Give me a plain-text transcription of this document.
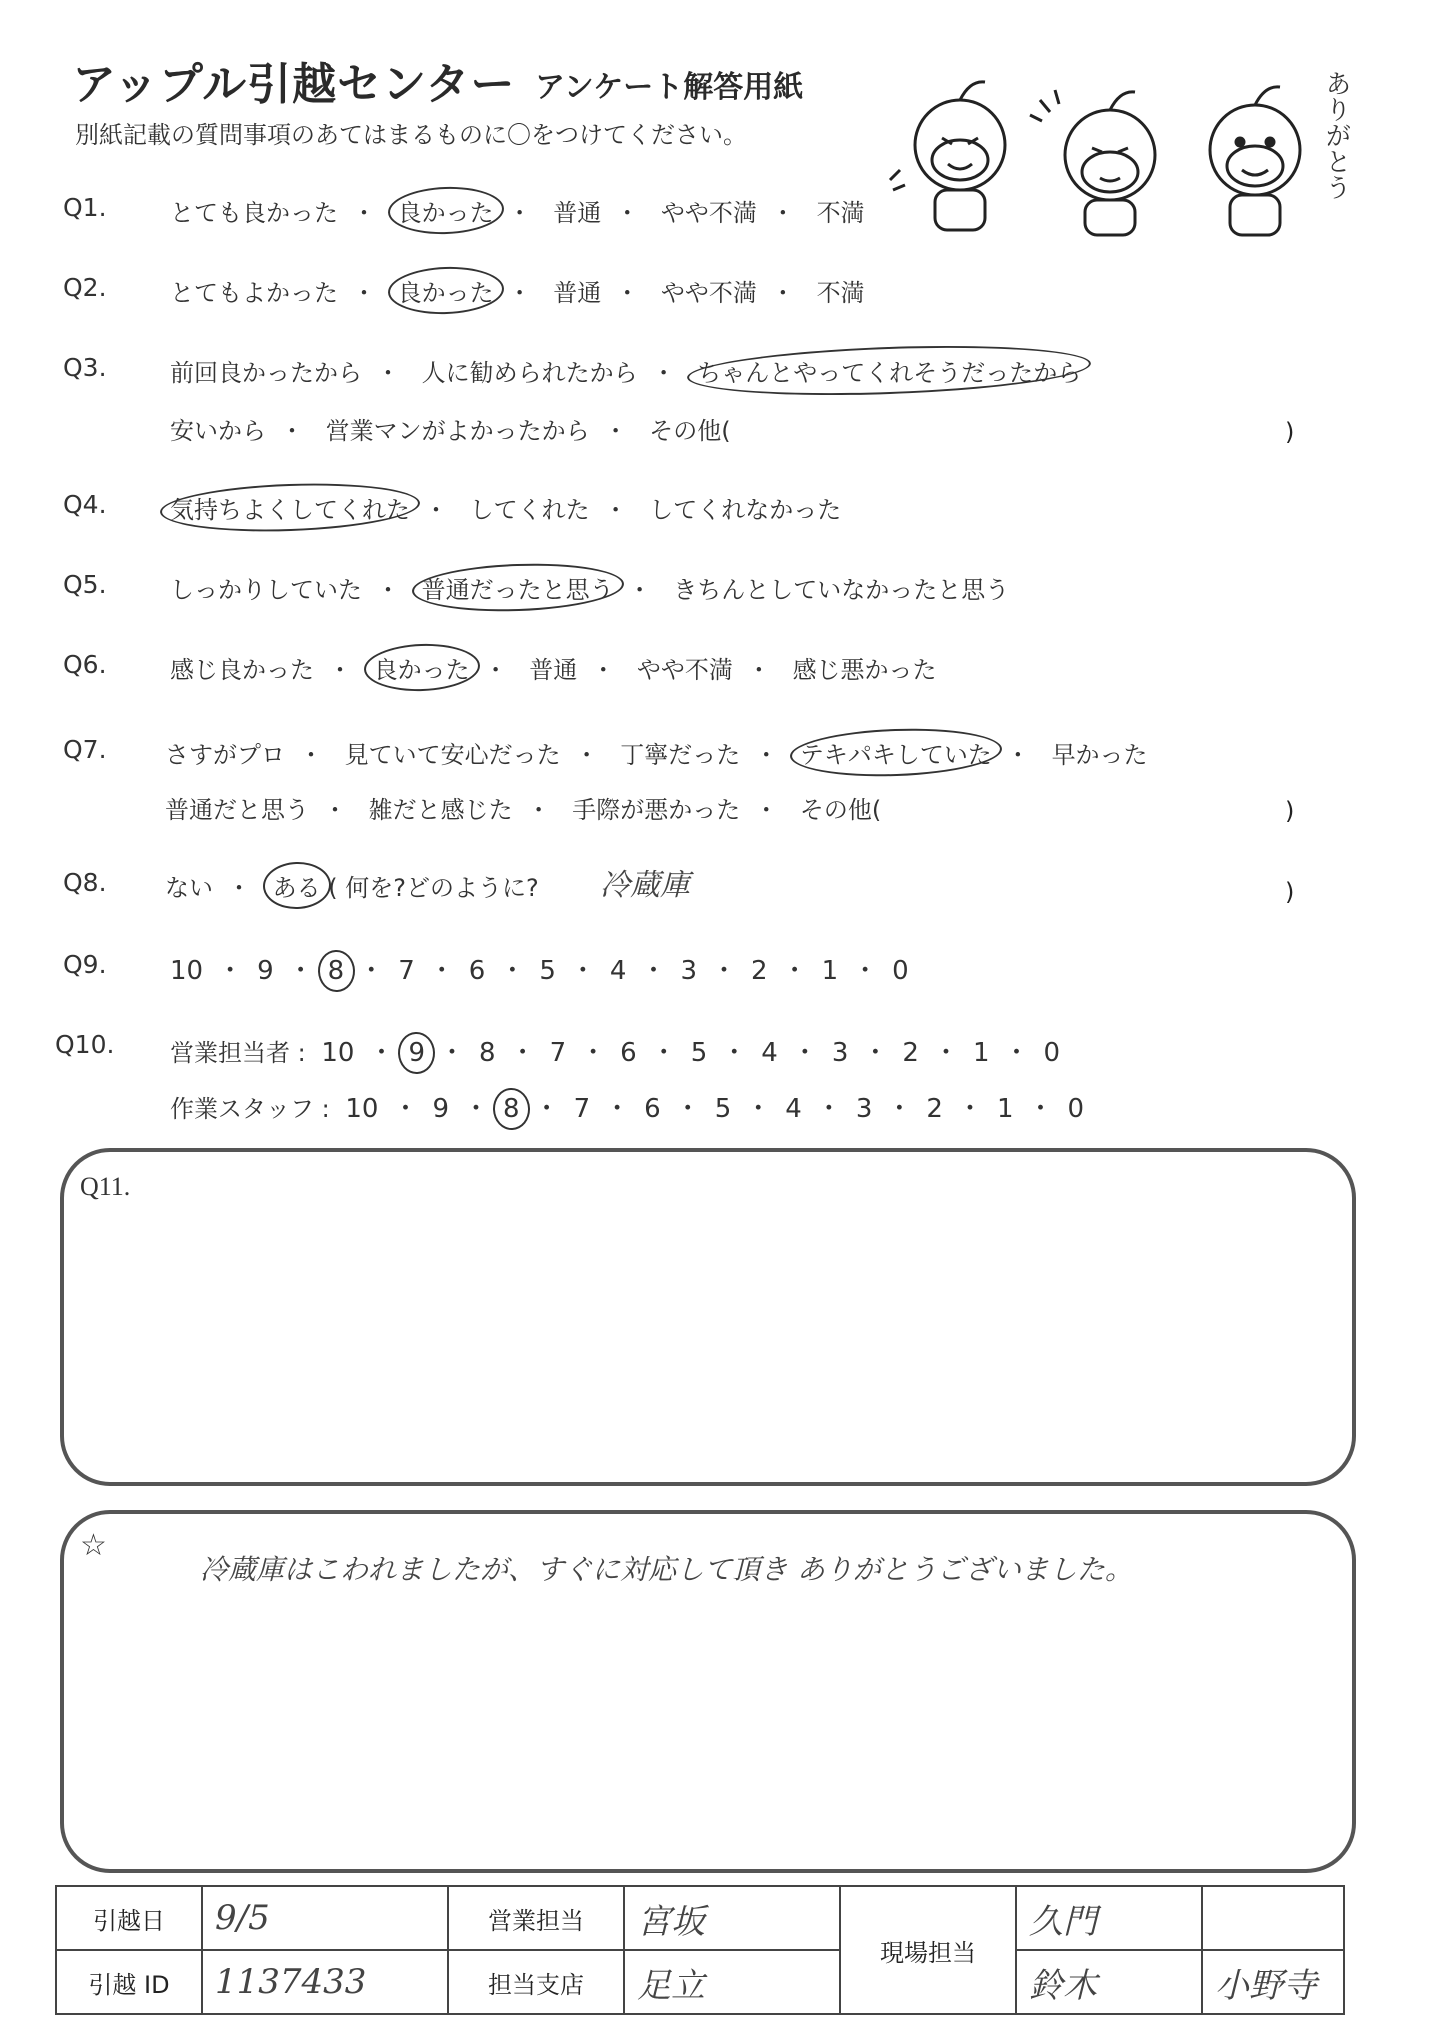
アップル引越センター アンケート解答用紙
別紙記載の質問事項のあてはまるものに〇をつけてください。	ありがとう
Q1.	とても良かった ・ 良かった ・ 普通 ・ やや不満 ・ 不満
Q2.	とてもよかった ・ 良かった ・ 普通 ・ やや不満 ・ 不満
Q3.	前回良かったから ・ 人に勧められたから ・ ちゃんとやってくれそうだったから
安いから ・ 営業マンがよかったから ・ その他(	)
Q4.	気持ちよくしてくれた ・ してくれた ・ してくれなかった
Q5.	しっかりしていた ・ 普通だったと思う ・ きちんとしていなかったと思う
Q6.	感じ良かった ・ 良かった ・ 普通 ・ やや不満 ・ 感じ悪かった
Q7. さすがプロ ・ 見ていて安心だった ・ 丁寧だった ・ テキパキしていた ・ 早かった
普通だと思う ・ 雑だと感じた ・ 手際が悪かった ・ その他(	)
Q8. ない ・ ある ( 何を?どのように? 冷蔵庫	)
Q9. 10 ・ 9 ・ 8 ・ 7 ・ 6 ・ 5 ・ 4 ・ 3 ・ 2 ・ 1 ・ 0
Q10. 営業担当者 : 10 ・ 9 ・ 8 ・ 7 ・ 6 ・ 5 ・ 4 ・ 3 ・ 2 ・ 1 ・ 0
作業スタッフ : 10 ・ 9 ・ 8 ・ 7 ・ 6 ・ 5 ・ 4 ・ 3 ・ 2 ・ 1 ・ 0
Q11.
☆
冷蔵庫はこわれましたが、すぐに対応して頂き ありがとうございました。
引越日	9/5	営業担当	宮坂	現場担当	久門	
引越 ID	1137433	担当支店	足立		鈴木	小野寺
